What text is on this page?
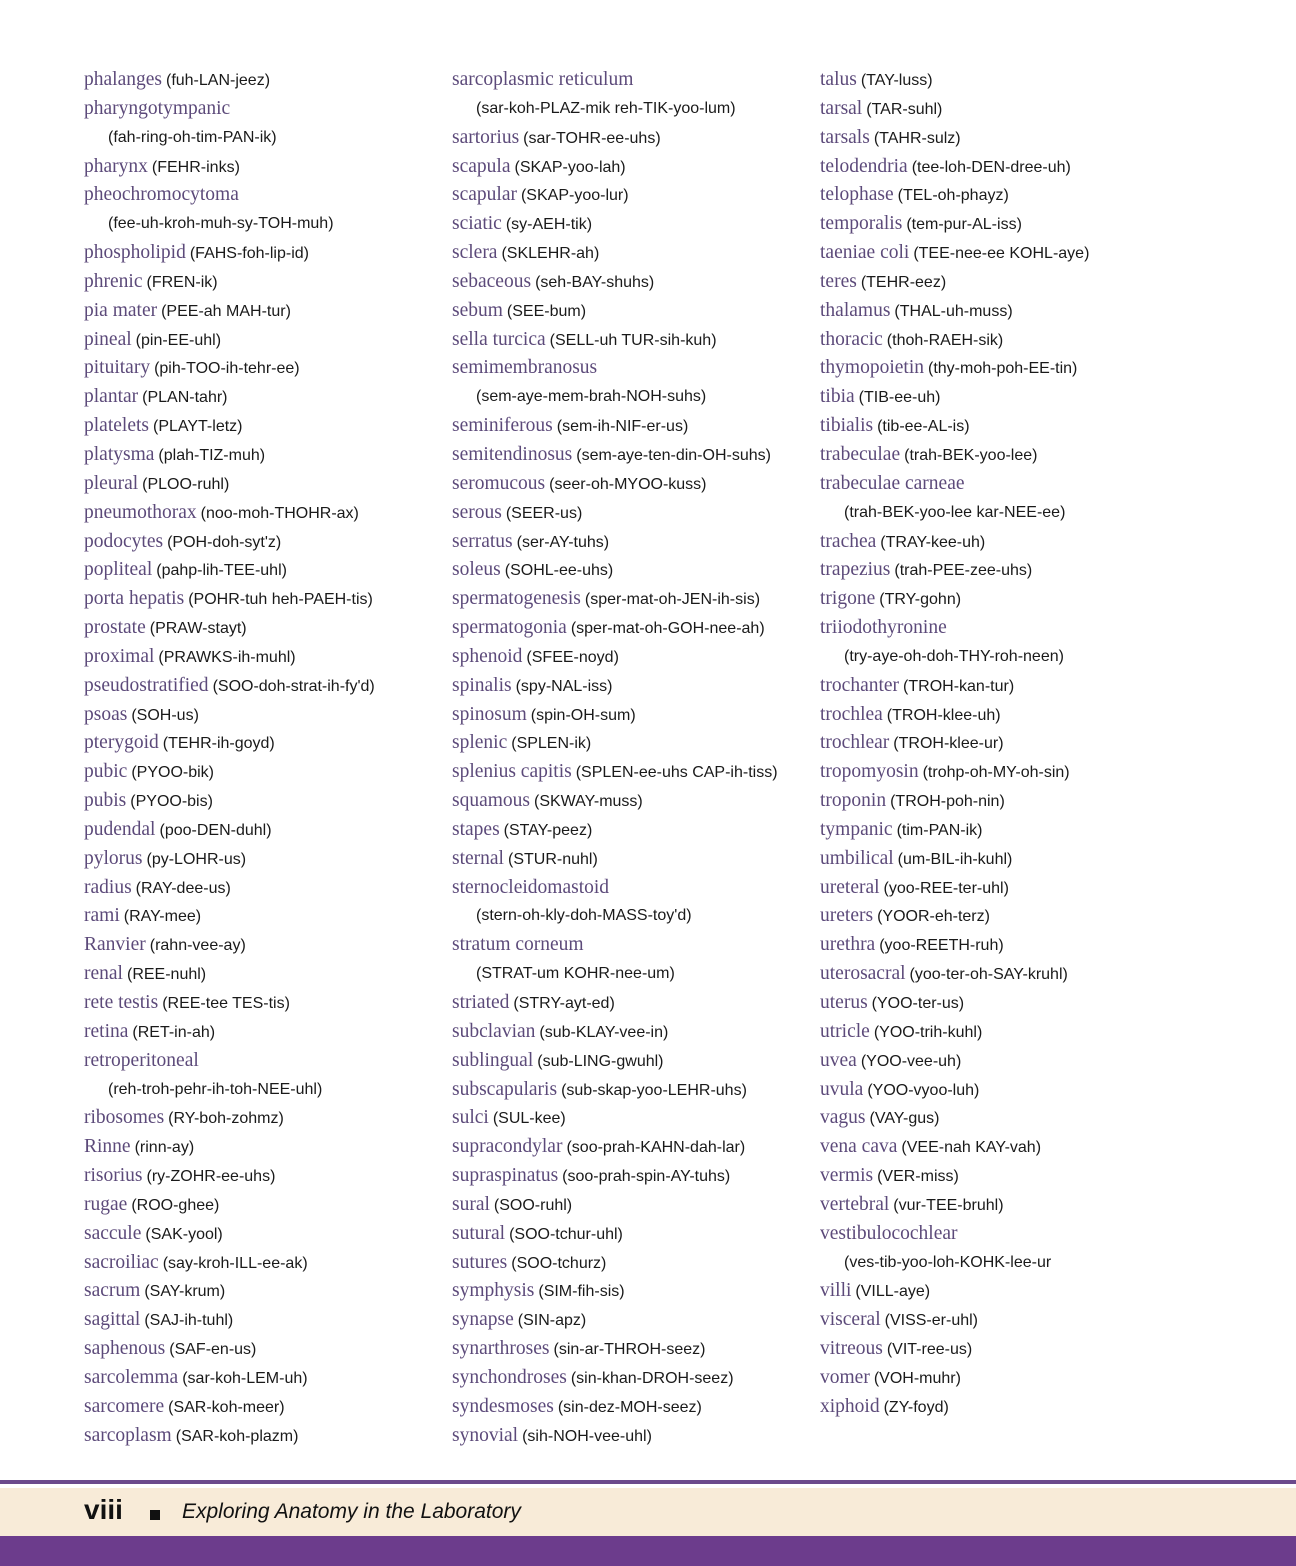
phalanges (fuh-LAN-jeez)
pharyngotympanic
(fah-ring-oh-tim-PAN-ik)
pharynx (FEHR-inks)
pheochromocytoma
(fee-uh-kroh-muh-sy-TOH-muh)
phospholipid (FAHS-foh-lip-id)
phrenic (FREN-ik)
pia mater (PEE-ah MAH-tur)
pineal (pin-EE-uhl)
pituitary (pih-TOO-ih-tehr-ee)
plantar (PLAN-tahr)
platelets (PLAYT-letz)
platysma (plah-TIZ-muh)
pleural (PLOO-ruhl)
pneumothorax (noo-moh-THOHR-ax)
podocytes (POH-doh-syt'z)
popliteal (pahp-lih-TEE-uhl)
porta hepatis (POHR-tuh heh-PAEH-tis)
prostate (PRAW-stayt)
proximal (PRAWKS-ih-muhl)
pseudostratified (SOO-doh-strat-ih-fy'd)
psoas (SOH-us)
pterygoid (TEHR-ih-goyd)
pubic (PYOO-bik)
pubis (PYOO-bis)
pudendal (poo-DEN-duhl)
pylorus (py-LOHR-us)
radius (RAY-dee-us)
rami (RAY-mee)
Ranvier (rahn-vee-ay)
renal (REE-nuhl)
rete testis (REE-tee TES-tis)
retina (RET-in-ah)
retroperitoneal
(reh-troh-pehr-ih-toh-NEE-uhl)
ribosomes (RY-boh-zohmz)
Rinne (rinn-ay)
risorius (ry-ZOHR-ee-uhs)
rugae (ROO-ghee)
saccule (SAK-yool)
sacroiliac (say-kroh-ILL-ee-ak)
sacrum (SAY-krum)
sagittal (SAJ-ih-tuhl)
saphenous (SAF-en-us)
sarcolemma (sar-koh-LEM-uh)
sarcomere (SAR-koh-meer)
sarcoplasm (SAR-koh-plazm)
sarcoplasmic reticulum
(sar-koh-PLAZ-mik reh-TIK-yoo-lum)
sartorius (sar-TOHR-ee-uhs)
scapula (SKAP-yoo-lah)
scapular (SKAP-yoo-lur)
sciatic (sy-AEH-tik)
sclera (SKLEHR-ah)
sebaceous (seh-BAY-shuhs)
sebum (SEE-bum)
sella turcica (SELL-uh TUR-sih-kuh)
semimembranosus
(sem-aye-mem-brah-NOH-suhs)
seminiferous (sem-ih-NIF-er-us)
semitendinosus (sem-aye-ten-din-OH-suhs)
seromucous (seer-oh-MYOO-kuss)
serous (SEER-us)
serratus (ser-AY-tuhs)
soleus (SOHL-ee-uhs)
spermatogenesis (sper-mat-oh-JEN-ih-sis)
spermatogonia (sper-mat-oh-GOH-nee-ah)
sphenoid (SFEE-noyd)
spinalis (spy-NAL-iss)
spinosum (spin-OH-sum)
splenic (SPLEN-ik)
splenius capitis (SPLEN-ee-uhs CAP-ih-tiss)
squamous (SKWAY-muss)
stapes (STAY-peez)
sternal (STUR-nuhl)
sternocleidomastoid
(stern-oh-kly-doh-MASS-toy'd)
stratum corneum
(STRAT-um KOHR-nee-um)
striated (STRY-ayt-ed)
subclavian (sub-KLAY-vee-in)
sublingual (sub-LING-gwuhl)
subscapularis (sub-skap-yoo-LEHR-uhs)
sulci (SUL-kee)
supracondylar (soo-prah-KAHN-dah-lar)
supraspinatus (soo-prah-spin-AY-tuhs)
sural (SOO-ruhl)
sutural (SOO-tchur-uhl)
sutures (SOO-tchurz)
symphysis (SIM-fih-sis)
synapse (SIN-apz)
synarthroses (sin-ar-THROH-seez)
synchondroses (sin-khan-DROH-seez)
syndesmoses (sin-dez-MOH-seez)
synovial (sih-NOH-vee-uhl)
talus (TAY-luss)
tarsal (TAR-suhl)
tarsals (TAHR-sulz)
telodendria (tee-loh-DEN-dree-uh)
telophase (TEL-oh-phayz)
temporalis (tem-pur-AL-iss)
taeniae coli (TEE-nee-ee KOHL-aye)
teres (TEHR-eez)
thalamus (THAL-uh-muss)
thoracic (thoh-RAEH-sik)
thymopoietin (thy-moh-poh-EE-tin)
tibia (TIB-ee-uh)
tibialis (tib-ee-AL-is)
trabeculae (trah-BEK-yoo-lee)
trabeculae carneae
(trah-BEK-yoo-lee kar-NEE-ee)
trachea (TRAY-kee-uh)
trapezius (trah-PEE-zee-uhs)
trigone (TRY-gohn)
triiodothyronine
(try-aye-oh-doh-THY-roh-neen)
trochanter (TROH-kan-tur)
trochlea (TROH-klee-uh)
trochlear (TROH-klee-ur)
tropomyosin (trohp-oh-MY-oh-sin)
troponin (TROH-poh-nin)
tympanic (tim-PAN-ik)
umbilical (um-BIL-ih-kuhl)
ureteral (yoo-REE-ter-uhl)
ureters (YOOR-eh-terz)
urethra (yoo-REETH-ruh)
uterosacral (yoo-ter-oh-SAY-kruhl)
uterus (YOO-ter-us)
utricle (YOO-trih-kuhl)
uvea (YOO-vee-uh)
uvula (YOO-vyoo-luh)
vagus (VAY-gus)
vena cava (VEE-nah KAY-vah)
vermis (VER-miss)
vertebral (vur-TEE-bruhl)
vestibulocochlear
(ves-tib-yoo-loh-KOHK-lee-ur
villi (VILL-aye)
visceral (VISS-er-uhl)
vitreous (VIT-ree-us)
vomer (VOH-muhr)
xiphoid (ZY-foyd)
viii	Exploring Anatomy in the Laboratory
